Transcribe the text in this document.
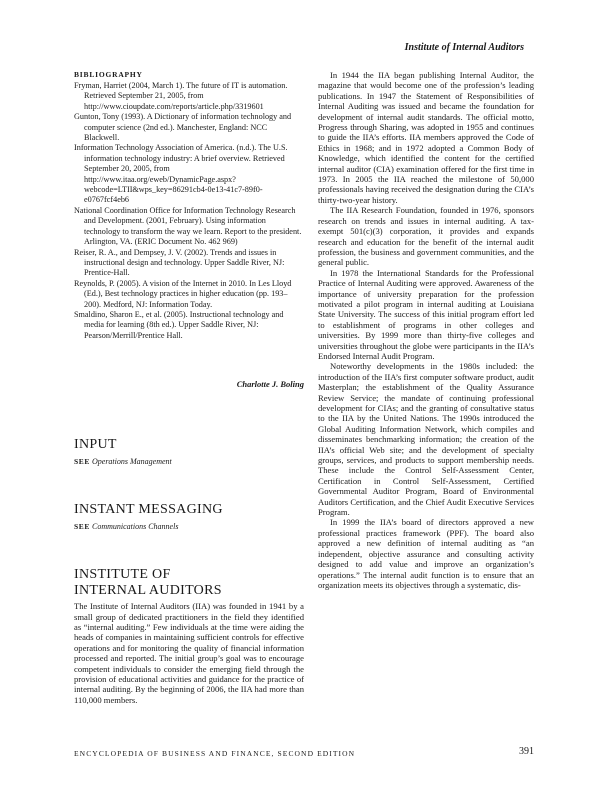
Institute of Internal Auditors
BIBLIOGRAPHY

Fryman, Harriet (2004, March 1). The future of IT is automation. Retrieved September 21, 2005, from http://www.cioupdate.com/reports/article.php/3319601

Gunton, Tony (1993). A Dictionary of information technology and computer science (2nd ed.). Manchester, England: NCC Blackwell.

Information Technology Association of America. (n.d.). The U.S. information technology industry: A brief overview. Retrieved September 20, 2005, from http://www.itaa.org/eweb/DynamicPage.aspx?webcode=LTII&wps_key=86291cb4-0e13-41c7-89f0-e0767fcf4eb6

National Coordination Office for Information Technology Research and Development. (2001, February). Using information technology to transform the way we learn. Report to the president. Arlington, VA. (ERIC Document No. 462 969)

Reiser, R. A., and Dempsey, J. V. (2002). Trends and issues in instructional design and technology. Upper Saddle River, NJ: Prentice-Hall.

Reynolds, P. (2005). A vision of the Internet in 2010. In Les Lloyd (Ed.), Best technology practices in higher education (pp. 193–200). Medford, NJ: Information Today.

Smaldino, Sharon E., et al. (2005). Instructional technology and media for learning (8th ed.). Upper Saddle River, NJ: Pearson/Merrill/Prentice Hall.

Charlotte J. Boling
INPUT
SEE Operations Management
INSTANT MESSAGING
SEE Communications Channels
INSTITUTE OF
INTERNAL AUDITORS

The Institute of Internal Auditors (IIA) was founded in 1941 by a small group of dedicated practitioners in the field they identified as “internal auditing.” Few individuals at the time were aiding the heads of companies in maintaining sufficient controls for effective operations and for monitoring the quality of financial information processed and reported. The initial group’s goal was to encourage competent individuals to consider the emerging field through the provision of educational activities and guidance for the practice of internal auditing. By the beginning of 2006, the IIA had more than 110,000 members.

In 1944 the IIA began publishing Internal Auditor, the magazine that would become one of the profession’s leading publications. In 1947 the Statement of Responsibilities of Internal Auditing was issued and became the foundation for development of internal audit standards. The official motto, Progress through Sharing, was adopted in 1955 and continues to guide the IIA’s efforts. IIA members approved the Code of Ethics in 1968; and in 1972 adopted a Common Body of Knowledge, which identified the content for the certified internal auditor (CIA) examination offered for the first time in 1973. In 2005 the IIA reached the milestone of 50,000 professionals having received the designation during the CIA’s thirty-two-year history.

The IIA Research Foundation, founded in 1976, sponsors research on trends and issues in internal auditing. A tax-exempt 501(c)(3) corporation, it provides and expands research and education for the benefit of the internal audit profession, the business and government communities, and the general public.

In 1978 the International Standards for the Professional Practice of Internal Auditing were approved. Awareness of the importance of university preparation for the profession motivated a pilot program in internal auditing at Louisiana State University. The success of this initial program effort led to establishment of programs in other colleges and universities. By 1999 more than thirty-five colleges and universities throughout the globe were participants in the IIA’s Endorsed Internal Audit Program.

Noteworthy developments in the 1980s included: the introduction of the IIA’s first computer software product, audit Masterplan; the establishment of the Quality Assurance Review Service; the mandate of continuing professional development for CIAs; and the granting of consultative status to the IIA by the United Nations. The 1990s introduced the Global Auditing Information Network, which compiles and disseminates benchmarking information; the creation of the IIA’s official Web site; and the development of specialty groups, services, and products to support membership needs. These include the Control Self-Assessment Center, Certification in Control Self-Assessment, Certified Governmental Auditor Program, Board of Environmental Auditors Certification, and the Chief Audit Executive Services Program.

In 1999 the IIA’s board of directors approved a new professional practices framework (PPF). The board also approved a new definition of internal auditing as “an independent, objective assurance and consulting activity designed to add value and improve an organization’s operations.” The internal audit function is to ensure that an organization meets its objectives through a systematic, dis-

ENCYCLOPEDIA OF BUSINESS AND FINANCE, SECOND EDITION	391
